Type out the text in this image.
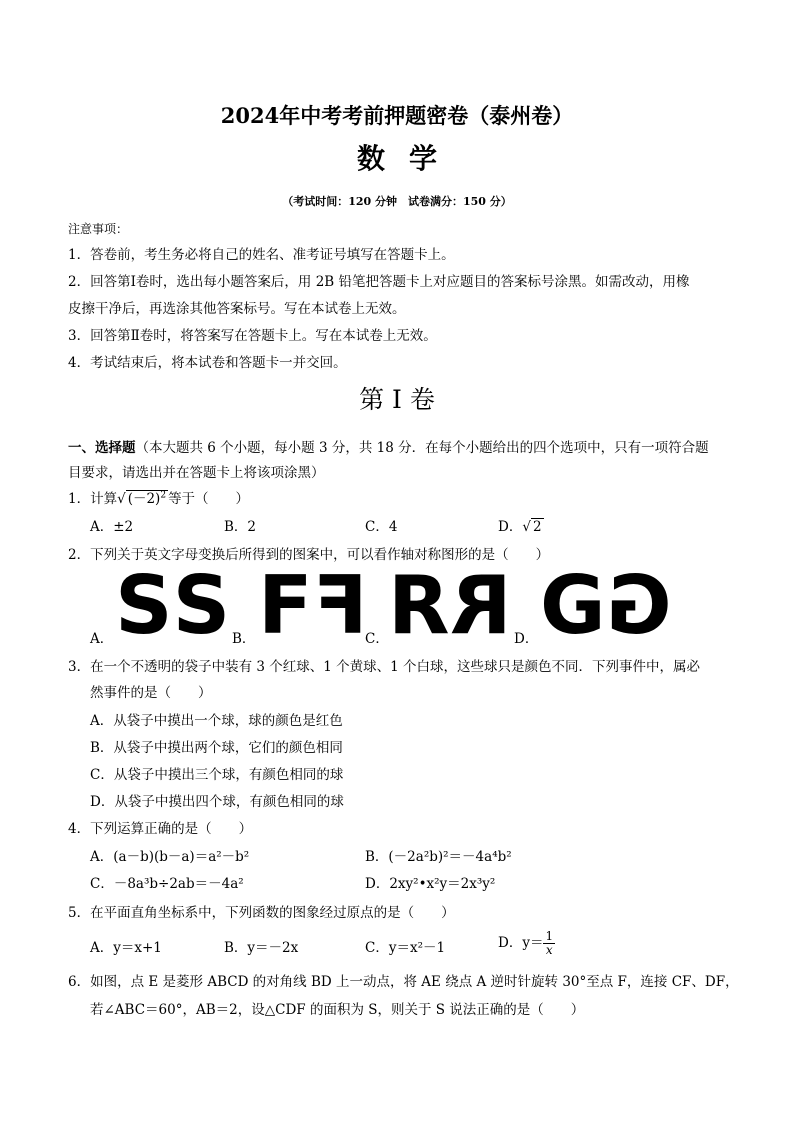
2024年中考考前押题密卷（泰州卷）
数学
（考试时间：120 分钟　试卷满分：150 分）
注意事项：
1．答卷前，考生务必将自己的姓名、准考证号填写在答题卡上。
2．回答第Ⅰ卷时，选出每小题答案后，用 2B 铅笔把答题卡上对应题目的答案标号涂黑。如需改动，用橡
皮擦干净后，再选涂其他答案标号。写在本试卷上无效。
3．回答第Ⅱ卷时，将答案写在答题卡上。写在本试卷上无效。
4．考试结束后，将本试卷和答题卡一并交回。
第 I 卷
一、选择题（本大题共 6 个小题，每小题 3 分，共 18 分．在每个小题给出的四个选项中，只有一项符合题
目要求，请选出并在答题卡上将该项涂黑）
1．计算√ $(-2)^2$ 等于（　　）
A．±2	B．2	C．4	D．√ 2
2．下列关于英文字母变换后所得到的图案中，可以看作轴对称图形的是（　　）
A． S S B． F F
C． R R D． G G
3．在一个不透明的袋子中装有 3 个红球、1 个黄球、1 个白球，这些球只是颜色不同．下列事件中，属必
然事件的是（　　）
A．从袋子中摸出一个球，球的颜色是红色
B．从袋子中摸出两个球，它们的颜色相同
C．从袋子中摸出三个球，有颜色相同的球
D．从袋子中摸出四个球，有颜色相同的球
4．下列运算正确的是（　　）
A．(a－b)(b－a)＝a²－b²	B．(－2a²b)²＝－4a⁴b²
C．－8a³b÷2ab＝－4a²	D．2xy²•x²y＝2x³y²
5．在平面直角坐标系中，下列函数的图象经过原点的是（　　）
A．y＝x+1	B．y＝－2x	C．y＝x²－1	D．$y= \frac{1}{x}$
6．如图，点 E 是菱形 ABCD 的对角线 BD 上一动点，将 AE 绕点 A 逆时针旋转 30°至点 F，连接 CF、DF，
若∠ABC＝60°，AB＝2，设△CDF 的面积为 S，则关于 S 说法正确的是（　　）
